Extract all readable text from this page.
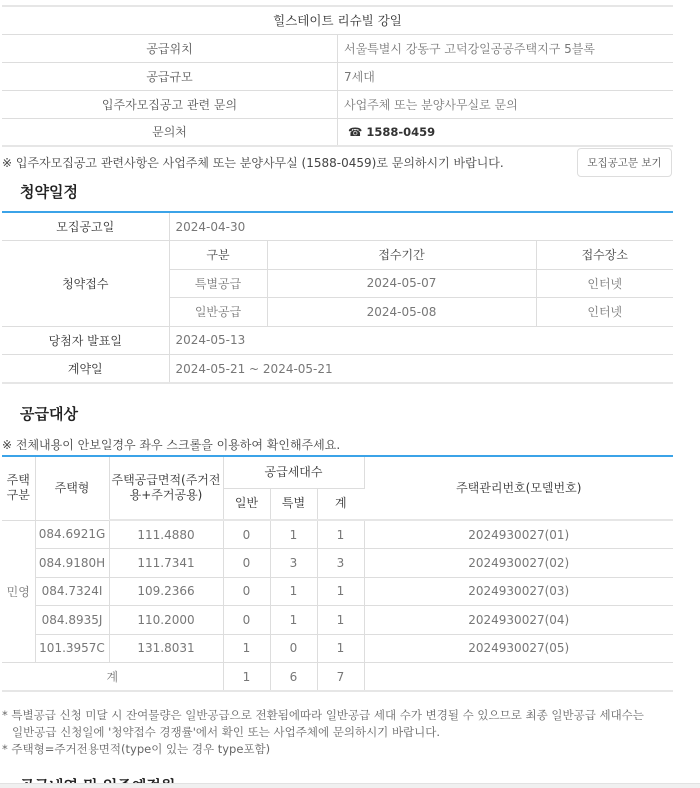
힐스테이트 리슈빌 강일	
공급위치	서울특별시 강동구 고덕강일공공주택지구 5블록
공급규모	7세대
입주자모집공고 관련 문의	사업주체 또는 분양사무실로 문의
문의처	☎ 1588-0459
※ 입주자모집공고 관련사항은 사업주체 또는 분양사무실 (1588-0459)로 문의하시기 바랍니다.	모집공고문 보기
청약일정
모집공고일	2024-04-30		
청약접수	구분	접수기간	접수장소
	특별공급	2024-05-07	인터넷
	일반공급	2024-05-08	인터넷
당첨자 발표일	2024-05-13		
계약일	2024-05-21 ~ 2024-05-21		
공급대상
※ 전체내용이 안보일경우 좌우 스크롤을 이용하여 확인해주세요.
주택구분	주택형	주택공급면적(주거전용+주거공용)	공급세대수			주택관리번호(모델번호)
			일반	특별	계	
민영	084.6921G	111.4880	0	1	1	2024930027(01)
	084.9180H	111.7341	0	3	3	2024930027(02)
	084.7324I	109.2366	0	1	1	2024930027(03)
	084.8935J	110.2000	0	1	1	2024930027(04)
	101.3957C	131.8031	1	0	1	2024930027(05)
계			1	6	7	
* 특별공급 신청 미달 시 잔여물량은 일반공급으로 전환됨에따라 일반공급 세대 수가 변경될 수 있으므로 최종 일반공급 세대수는
일반공급 신청일에 '청약접수 경쟁률'에서 확인 또는 사업주체에 문의하시기 바랍니다.
* 주택형=주거전용면적(type이 있는 경우 type포함)
